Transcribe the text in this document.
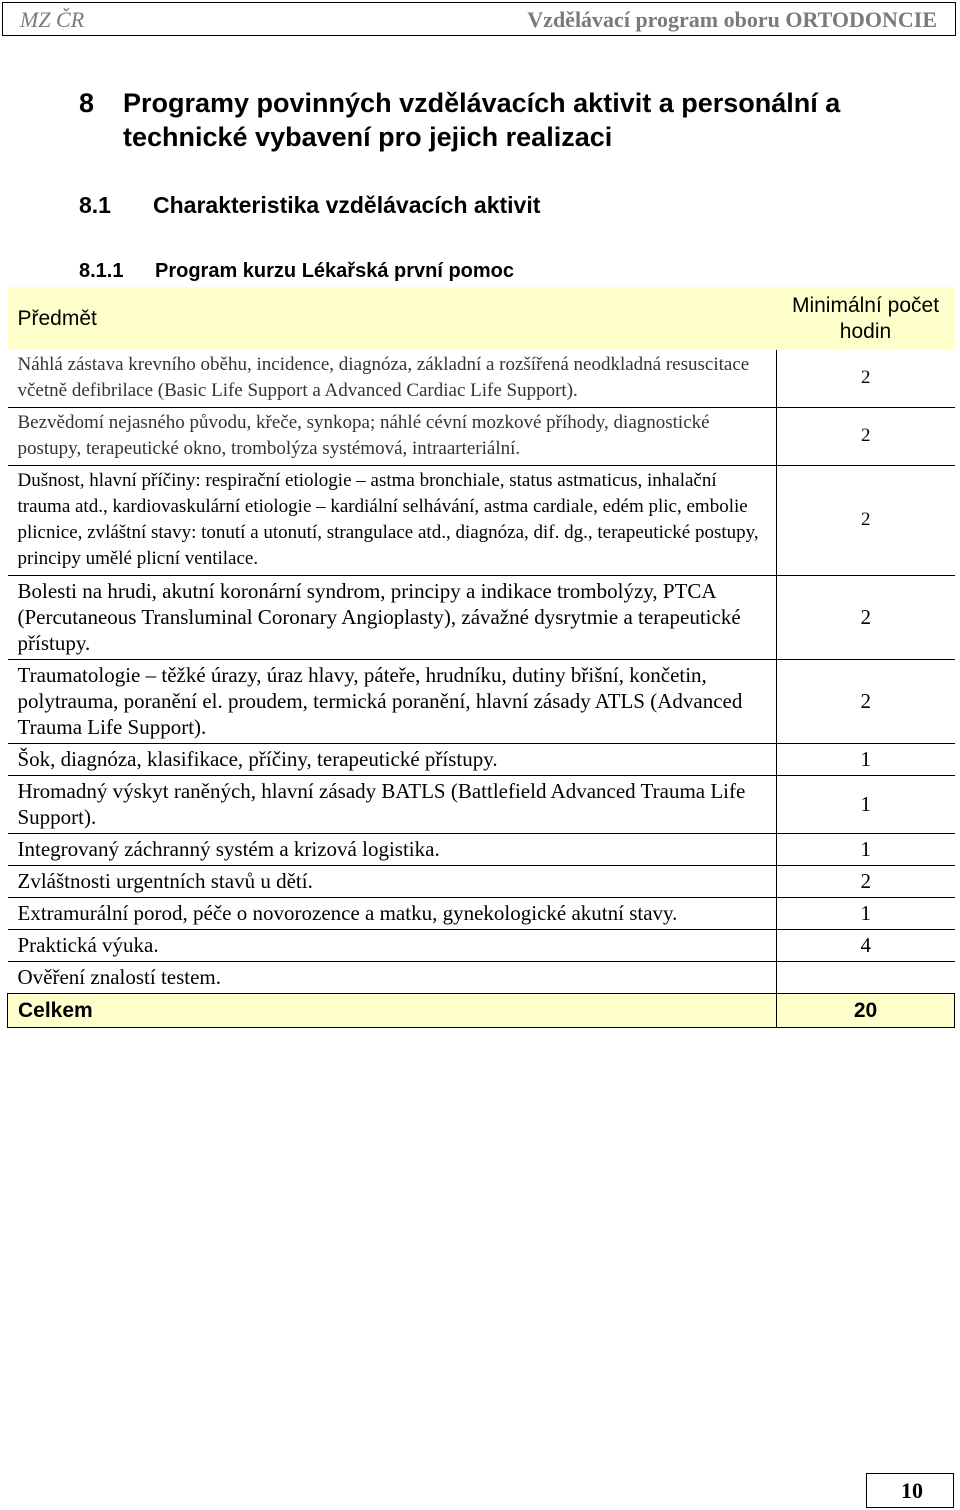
MZ ČR	Vzdělávací program oboru ORTODONCIE
8 Programy povinných vzdělávacích aktivit a personální a technické vybavení pro jejich realizaci
8.1 Charakteristika vzdělávacích aktivit
8.1.1 Program kurzu Lékařská první pomoc
Předmět	Minimální počet hodin
Náhlá zástava krevního oběhu, incidence, diagnóza, základní a rozšířená neodkladná resuscitace včetně defibrilace (Basic Life Support a Advanced Cardiac Life Support).	2
Bezvědomí nejasného původu, křeče, synkopa; náhlé cévní mozkové příhody, diagnostické postupy, terapeutické okno, trombolýza systémová, intraarteriální.	2
Dušnost, hlavní příčiny: respirační etiologie – astma bronchiale, status astmaticus, inhalační trauma atd., kardiovaskulární etiologie – kardiální selhávání, astma cardiale, edém plic, embolie plicnice, zvláštní stavy: tonutí a utonutí, strangulace atd., diagnóza, dif. dg., terapeutické postupy, principy umělé plicní ventilace.	2
Bolesti na hrudi, akutní koronární syndrom, principy a indikace trombolýzy, PTCA (Percutaneous Transluminal Coronary Angioplasty), závažné dysrytmie a terapeutické přístupy.	2
Traumatologie – těžké úrazy, úraz hlavy, páteře, hrudníku, dutiny břišní, končetin, polytrauma, poranění el. proudem, termická poranění, hlavní zásady ATLS (Advanced Trauma Life Support).	2
Šok, diagnóza, klasifikace, příčiny, terapeutické přístupy.	1
Hromadný výskyt raněných, hlavní zásady BATLS (Battlefield Advanced Trauma Life Support).	1
Integrovaný záchranný systém a krizová logistika.	1
Zvláštnosti urgentních stavů u dětí.	2
Extramurální porod, péče o novorozence a matku, gynekologické akutní stavy.	1
Praktická výuka.	4
Ověření znalostí testem.	
Celkem	20
10
